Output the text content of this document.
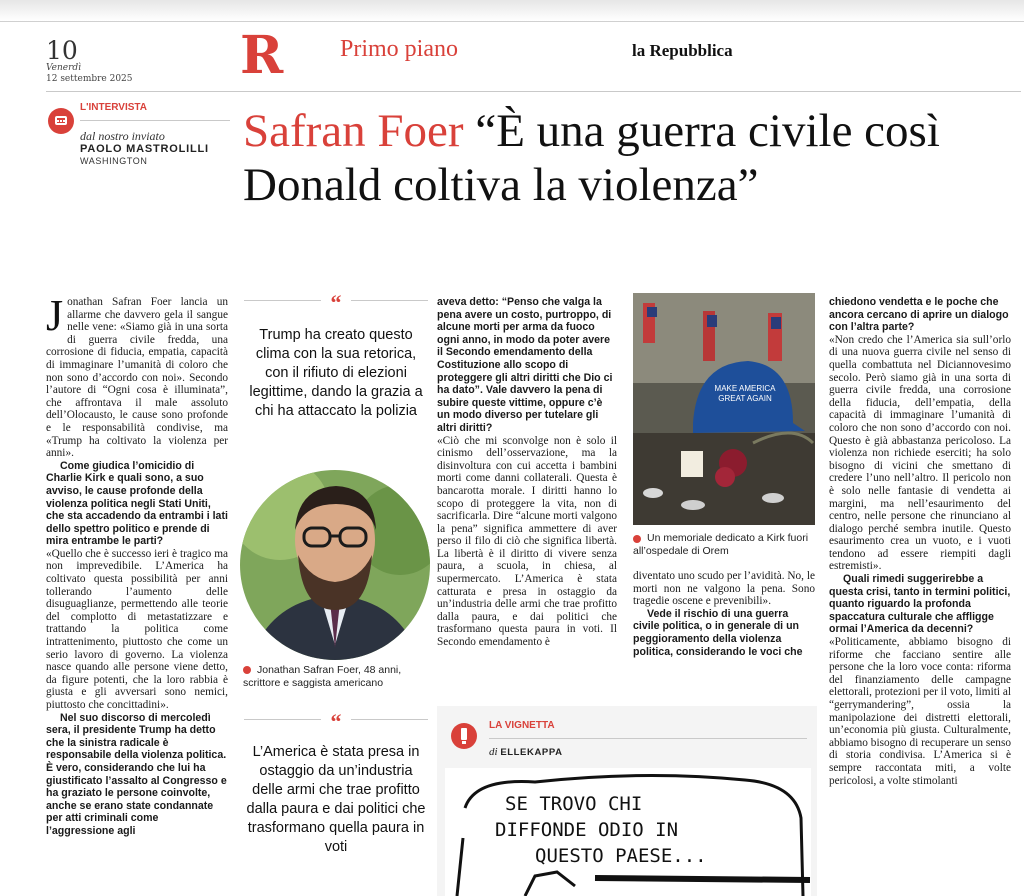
10
Venerdì
12 settembre 2025 R Primo piano	la Repubblica
L'INTERVISTA
dal nostro inviato
PAOLO MASTROLILLI
WASHINGTON
Safran Foer “È una guerra civile così Donald coltiva la violenza”

Jonathan Safran Foer lancia un allarme che davvero gela il sangue nelle vene: «Siamo già in una sorta di guerra civile fredda, una corrosione di fiducia, empatia, capacità di immaginare l’umanità di coloro che non sono d’accordo con noi». Secondo l’autore di “Ogni cosa è illuminata”, che affrontava il male assoluto dell’Olocausto, le cause sono profonde e le responsabilità condivise, ma «Trump ha coltivato la violenza per anni».

Come giudica l’omicidio di Charlie Kirk e quali sono, a suo avviso, le cause profonde della violenza politica negli Stati Uniti, che sta accadendo da entrambi i lati dello spettro politico e prende di mira entrambe le parti?

«Quello che è successo ieri è tragico ma non imprevedibile. L’America ha coltivato questa possibilità per anni tollerando l’aumento delle disuguaglianze, permettendo alle teorie del complotto di metastatizzare e trattando la politica come intrattenimento, piuttosto che come un serio lavoro di governo. La violenza nasce quando alle persone viene detto, da figure potenti, che la loro rabbia è giusta e gli avversari sono nemici, piuttosto che concittadini».

Nel suo discorso di mercoledì sera, il presidente Trump ha detto che la sinistra radicale è responsabile della violenza politica. È vero, considerando che lui ha giustificato l’assalto al Congresso e ha graziato le persone coinvolte, anche se erano state condannate per atti criminali come l’aggressione agli

“
Trump ha creato questo clima con la sua retorica, con il rifiuto di elezioni legittime, dando la grazia a chi ha attaccato la polizia
Jonathan Safran Foer, 48 anni, scrittore e saggista americano
“
L’America è stata presa in ostaggio da un’industria delle armi che trae profitto dalla paura e dai politici che trasformano quella paura in voti

aveva detto: “Penso che valga la pena avere un costo, purtroppo, di alcune morti per arma da fuoco ogni anno, in modo da poter avere il Secondo emendamento della Costituzione allo scopo di proteggere gli altri diritti che Dio ci ha dato”. Vale davvero la pena di subire queste vittime, oppure c’è un modo diverso per tutelare gli altri diritti?

«Ciò che mi sconvolge non è solo il cinismo dell’osservazione, ma la disinvoltura con cui accetta i bambini morti come danni collaterali. Questa è bancarotta morale. I diritti hanno lo scopo di proteggere la vita, non di sacrificarla. Dire “alcune morti valgono la pena” significa ammettere di aver perso il filo di ciò che significa libertà. La libertà è il diritto di vivere senza paura, a scuola, in chiesa, al supermercato. L’America è stata catturata e presa in ostaggio da un’industria delle armi che trae profitto dalla paura, e dai politici che trasformano questa paura in voti. Il Secondo emendamento è

MAKE AMERICA
GREAT AGAIN
Un memoriale dedicato a Kirk fuori all’ospedale di Orem

diventato uno scudo per l’avidità. No, le morti non ne valgono la pena. Sono tragedie oscene e prevenibili».

Vede il rischio di una guerra civile politica, o in generale di un peggioramento della violenza politica, considerando le voci che

chiedono vendetta e le poche che ancora cercano di aprire un dialogo con l’altra parte?

«Non credo che l’America sia sull’orlo di una nuova guerra civile nel senso di quella combattuta nel Diciannovesimo secolo. Però siamo già in una sorta di guerra civile fredda, una corrosione della fiducia, dell’empatia, della capacità di immaginare l’umanità di coloro che non sono d’accordo con noi. Questo è già abbastanza pericoloso. La violenza non richiede eserciti; ha solo bisogno di vicini che smettano di credere l’uno nell’altro. Il pericolo non è solo nelle fantasie di vendetta ai margini, ma nell’esaurimento del centro, nelle persone che rinunciano al dialogo perché sembra inutile. Questo esaurimento crea un vuoto, e i vuoti tendono ad essere riempiti dagli estremisti».

Quali rimedi suggerirebbe a questa crisi, tanto in termini politici, quanto riguardo la profonda spaccatura culturale che affligge ormai l’America da decenni?

«Politicamente, abbiamo bisogno di riforme che facciano sentire alle persone che la loro voce conta: riforma del finanziamento delle campagne elettorali, protezioni per il voto, limiti al “gerrymandering”, ossia la manipolazione dei distretti elettorali, un’economia più giusta. Culturalmente, abbiamo bisogno di recuperare un senso di storia condivisa. L’America si è sempre raccontata miti, a volte pericolosi, a volte stimolanti

LA VIGNETTA
di ELLEKAPPA
SE TROVO CHI
DIFFONDE ODIO IN
QUESTO PAESE...
